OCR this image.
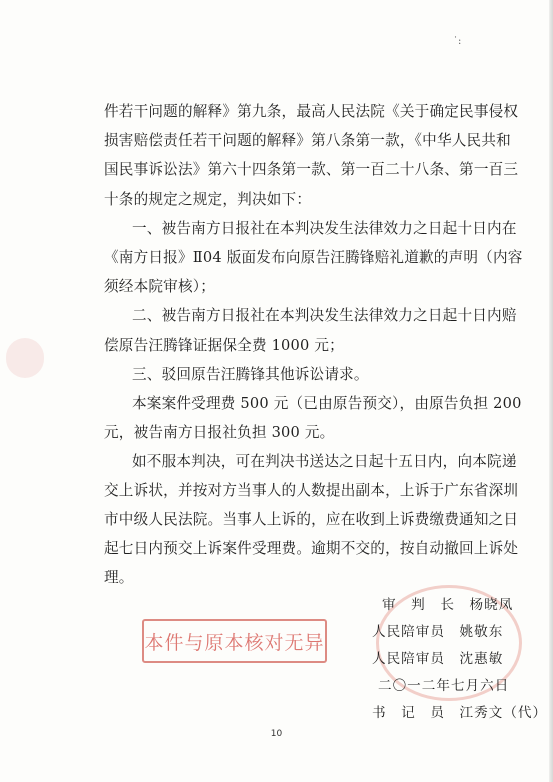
˙:
件若干问题的解释》第九条，最高人民法院《关于确定民事侵权
损害赔偿责任若干问题的解释》第八条第一款，《中华人民共和
国民事诉讼法》第六十四条第一款、第一百二十八条、第一百三
十条的规定之规定，判决如下：
一、被告南方日报社在本判决发生法律效力之日起十日内在
《南方日报》Ⅱ04 版面发布向原告汪腾锋赔礼道歉的声明（内容
须经本院审核）；
二、被告南方日报社在本判决发生法律效力之日起十日内赔
偿原告汪腾锋证据保全费 1000 元；
三、驳回原告汪腾锋其他诉讼请求。
本案案件受理费 500 元（已由原告预交），由原告负担 200
元，被告南方日报社负担 300 元。
如不服本判决，可在判决书送达之日起十五日内，向本院递
交上诉状，并按对方当事人的人数提出副本，上诉于广东省深圳
市中级人民法院。当事人上诉的，应在收到上诉费缴费通知之日
起七日内预交上诉案件受理费。逾期不交的，按自动撤回上诉处
理。
审　判　长　杨晓凤
人民陪审员　姚敬东
人民陪审员　沈惠敏
二〇一二年七月六日
书　记　员　江秀文（代）
本件与原本核对无异
10
